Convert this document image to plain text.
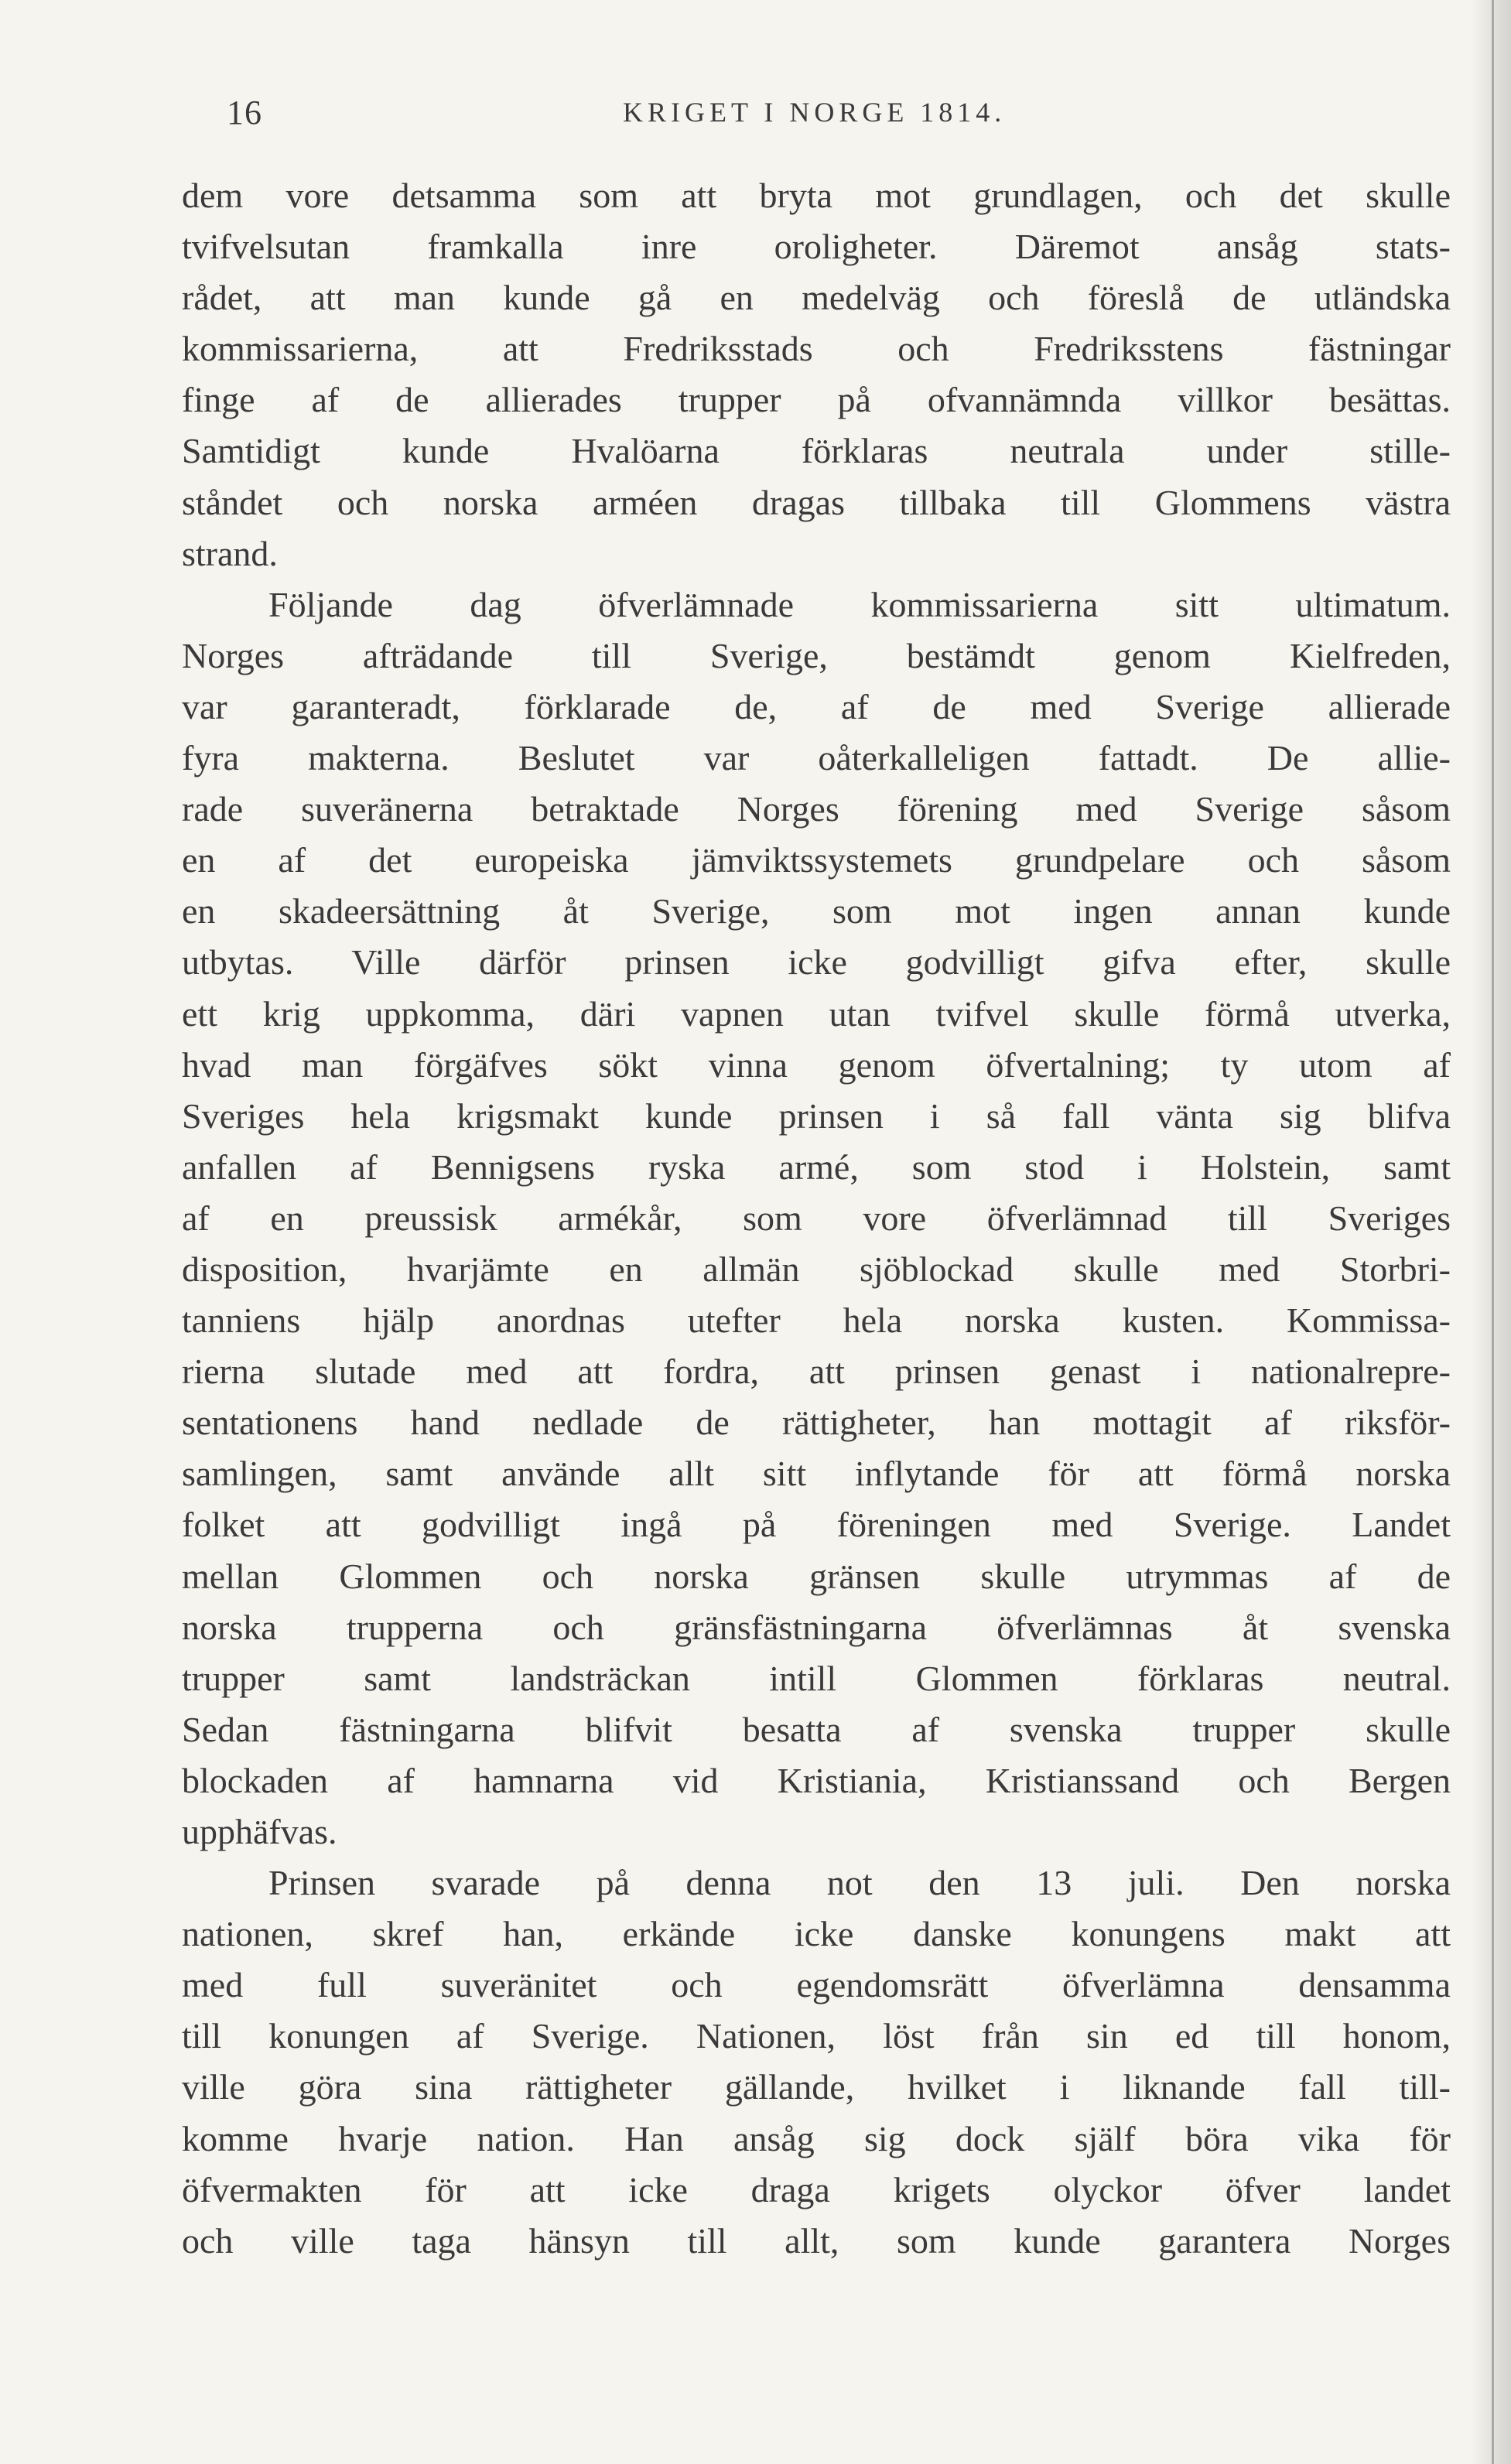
16	KRIGET I NORGE 1814.
dem vore detsamma som att bryta mot grundlagen, och det skulle
tvifvelsutan framkalla inre oroligheter. Däremot ansåg stats-
rådet, att man kunde gå en medelväg och föreslå de utländska
kommissarierna, att Fredriksstads och Fredriksstens fästningar
finge af de allierades trupper på ofvannämnda villkor besättas.
Samtidigt kunde Hvalöarna förklaras neutrala under stille-
ståndet och norska arméen dragas tillbaka till Glommens västra
strand.
Följande dag öfverlämnade kommissarierna sitt ultimatum.
Norges afträdande till Sverige, bestämdt genom Kielfreden,
var garanteradt, förklarade de, af de med Sverige allierade
fyra makterna. Beslutet var oåterkalleligen fattadt. De allie-
rade suveränerna betraktade Norges förening med Sverige såsom
en af det europeiska jämviktssystemets grundpelare och såsom
en skadeersättning åt Sverige, som mot ingen annan kunde
utbytas. Ville därför prinsen icke godvilligt gifva efter, skulle
ett krig uppkomma, däri vapnen utan tvifvel skulle förmå utverka,
hvad man förgäfves sökt vinna genom öfvertalning; ty utom af
Sveriges hela krigsmakt kunde prinsen i så fall vänta sig blifva
anfallen af Bennigsens ryska armé, som stod i Holstein, samt
af en preussisk armékår, som vore öfverlämnad till Sveriges
disposition, hvarjämte en allmän sjöblockad skulle med Storbri-
tanniens hjälp anordnas utefter hela norska kusten. Kommissa-
rierna slutade med att fordra, att prinsen genast i nationalrepre-
sentationens hand nedlade de rättigheter, han mottagit af riksför-
samlingen, samt använde allt sitt inflytande för att förmå norska
folket att godvilligt ingå på föreningen med Sverige. Landet
mellan Glommen och norska gränsen skulle utrymmas af de
norska trupperna och gränsfästningarna öfverlämnas åt svenska
trupper samt landsträckan intill Glommen förklaras neutral.
Sedan fästningarna blifvit besatta af svenska trupper skulle
blockaden af hamnarna vid Kristiania, Kristianssand och Bergen
upphäfvas.
Prinsen svarade på denna not den 13 juli. Den norska
nationen, skref han, erkände icke danske konungens makt att
med full suveränitet och egendomsrätt öfverlämna densamma
till konungen af Sverige. Nationen, löst från sin ed till honom,
ville göra sina rättigheter gällande, hvilket i liknande fall till-
komme hvarje nation. Han ansåg sig dock själf böra vika för
öfvermakten för att icke draga krigets olyckor öfver landet
och ville taga hänsyn till allt, som kunde garantera Norges
